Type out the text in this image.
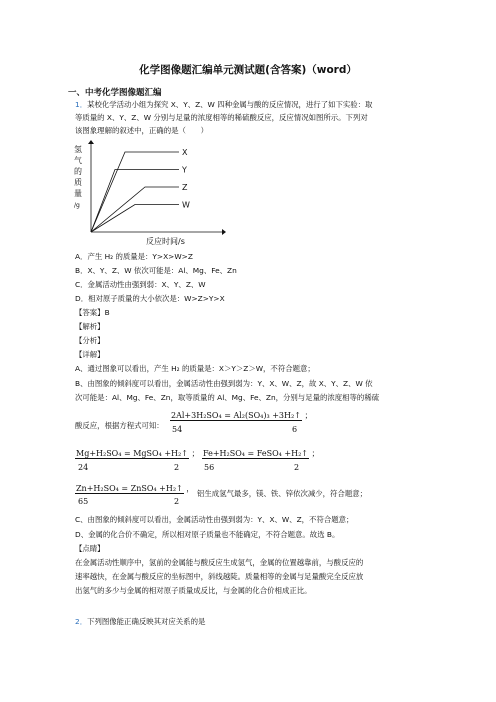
化学图像题汇编单元测试题(含答案)（word）
一、中考化学图像题汇编
1．某校化学活动小组为探究 X、Y、Z、W 四种金属与酸的反应情况，进行了如下实验：取
等质量的 X、Y、Z、W 分别与足量的浓度相等的稀硫酸反应，反应情况如图所示。下列对
该图象理解的叙述中，正确的是（　　）
氢
气
的
质
量
/g
X
Y
Z
W
反应时间/s
A．产生 H₂ 的质量是：Y>X>W>Z
B．X、Y、Z、W 依次可能是：Al、Mg、Fe、Zn
C．金属活动性由强到弱：X、Y、Z、W
D．相对原子质量的大小依次是：W>Z>Y>X
【答案】B
【解析】
【分析】
【详解】
A、通过图象可以看出，产生 H₂ 的质量是：X＞Y＞Z＞W，不符合题意；
B、由图象的倾斜度可以看出，金属活动性由强到弱为：Y、X、W、Z，故 X、Y、Z、W 依
次可能是：Al、Mg、Fe、Zn，取等质量的 Al、Mg、Fe、Zn，分别与足量的浓度相等的稀硫
酸反应，根据方程式可知：
2Al+3H₂SO₄ = Al₂(SO₄)₃ +3H₂↑ ；
54	6
Mg+H₂SO₄ = MgSO₄ +H₂↑ ；
24	2
Fe+H₂SO₄ = FeSO₄ +H₂↑ ；
56	2
Zn+H₂SO₄ = ZnSO₄ +H₂↑ ，
65	2
铝生成氢气最多，镁、铁、锌依次减少，符合题意；
C、由图象的倾斜度可以看出，金属活动性由强到弱为：Y、X、W、Z，不符合题意；
D、金属的化合价不确定，所以相对原子质量也不能确定，不符合题意。故选 B。
【点睛】
在金属活动性顺序中，氢前的金属能与酸反应生成氢气，金属的位置越靠前，与酸反应的
速率越快，在金属与酸反应的坐标图中，斜线越陡。质量相等的金属与足量酸完全反应放
出氢气的多少与金属的相对原子质量成反比，与金属的化合价相成正比。
2．下列图像能正确反映其对应关系的是
